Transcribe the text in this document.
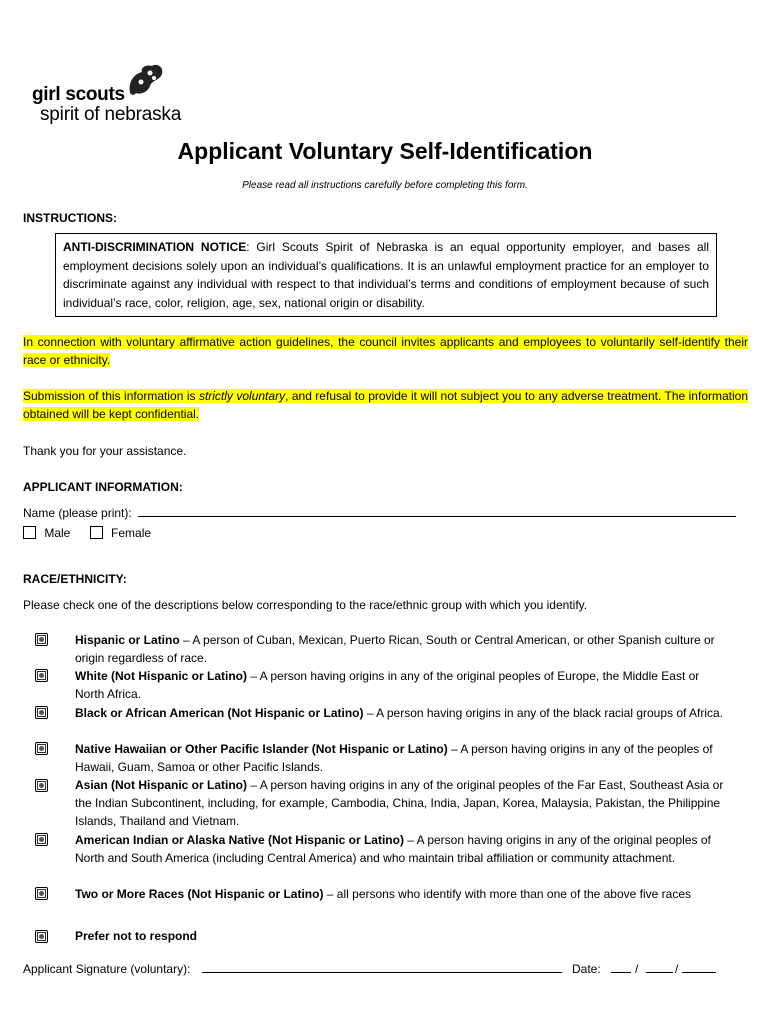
girl scouts
spirit of nebraska
Applicant Voluntary Self-Identification
Please read all instructions carefully before completing this form.
INSTRUCTIONS:
ANTI-DISCRIMINATION NOTICE: Girl Scouts Spirit of Nebraska is an equal opportunity employer, and bases all employment decisions solely upon an individual’s qualifications. It is an unlawful employment practice for an employer to discriminate against any individual with respect to that individual’s terms and conditions of employment because of such individual’s race, color, religion, age, sex, national origin or disability.
In connection with voluntary affirmative action guidelines, the council invites applicants and employees to voluntarily self-identify their race or ethnicity.
Submission of this information is strictly voluntary, and refusal to provide it will not subject you to any adverse treatment. The information obtained will be kept confidential.
Thank you for your assistance.
APPLICANT INFORMATION:
Name (please print):
Male	Female
RACE/ETHNICITY:
Please check one of the descriptions below corresponding to the race/ethnic group with which you identify.
Hispanic or Latino – A person of Cuban, Mexican, Puerto Rican, South or Central American, or other Spanish culture or origin regardless of race.
White (Not Hispanic or Latino) – A person having origins in any of the original peoples of Europe, the Middle East or North Africa.
Black or African American (Not Hispanic or Latino) – A person having origins in any of the black racial groups of Africa.
Native Hawaiian or Other Pacific Islander (Not Hispanic or Latino) – A person having origins in any of the peoples of Hawaii, Guam, Samoa or other Pacific Islands.
Asian (Not Hispanic or Latino) – A person having origins in any of the original peoples of the Far East, Southeast Asia or the Indian Subcontinent, including, for example, Cambodia, China, India, Japan, Korea, Malaysia, Pakistan, the Philippine Islands, Thailand and Vietnam.
American Indian or Alaska Native (Not Hispanic or Latino) – A person having origins in any of the original peoples of North and South America (including Central America) and who maintain tribal affiliation or community attachment.
Two or More Races (Not Hispanic or Latino) – all persons who identify with more than one of the above five races
Prefer not to respond
Applicant Signature (voluntary):	Date:	/	/
